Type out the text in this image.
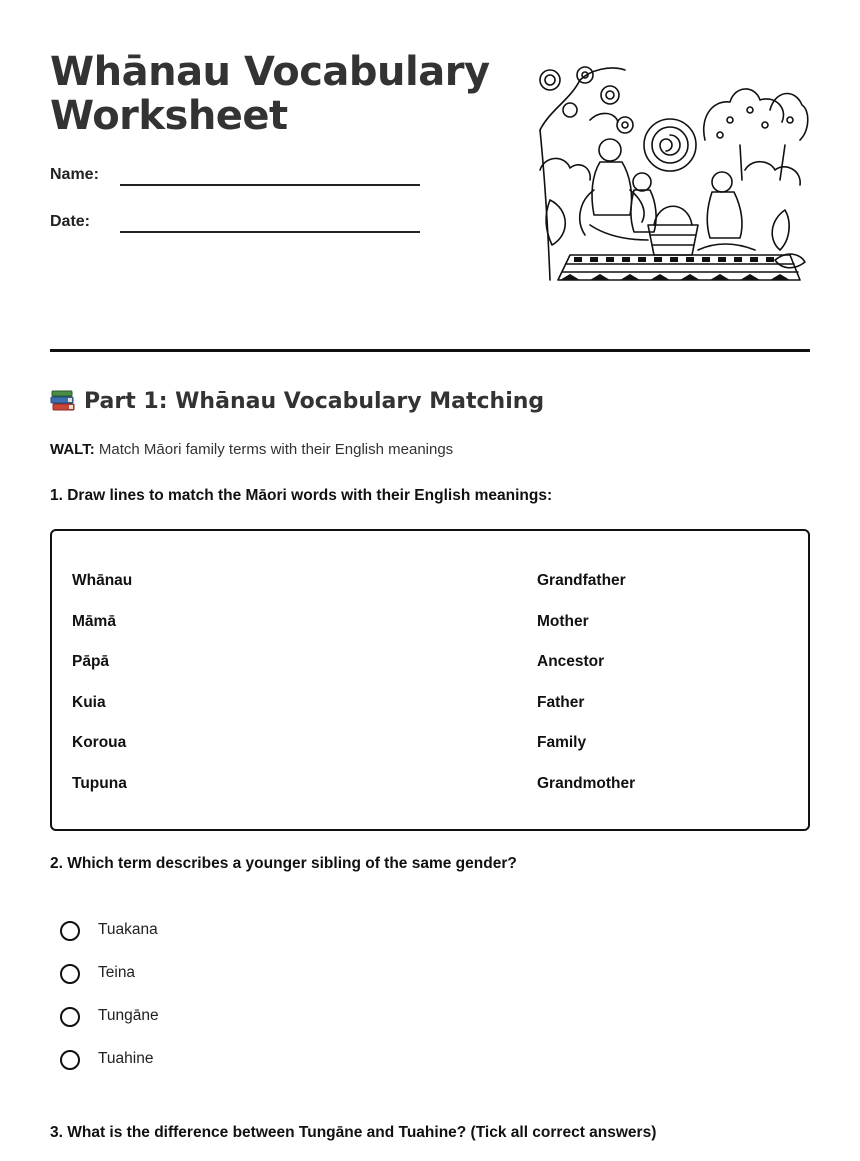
Whānau Vocabulary
Worksheet
Name:
Date:
Part 1: Whānau Vocabulary Matching
WALT: Match Māori family terms with their English meanings
1. Draw lines to match the Māori words with their English meanings:
Whānau
Māmā
Pāpā
Kuia
Koroua
Tupuna
Grandfather
Mother
Ancestor
Father
Family
Grandmother
2. Which term describes a younger sibling of the same gender?
Tuakana
Teina
Tungāne
Tuahine
3. What is the difference between Tungāne and Tuahine? (Tick all correct answers)
